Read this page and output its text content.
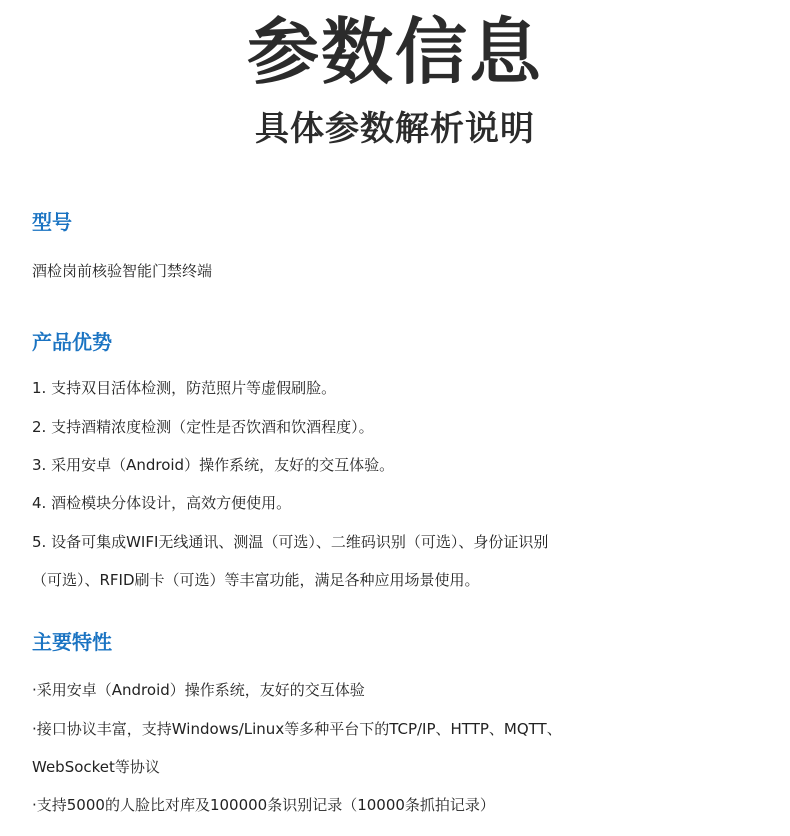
参数信息
具体参数解析说明
型号
酒检岗前核验智能门禁终端
产品优势
1. 支持双目活体检测，防范照片等虚假刷脸。
2. 支持酒精浓度检测（定性是否饮酒和饮酒程度）。
3. 采用安卓（Android）操作系统，友好的交互体验。
4. 酒检模块分体设计，高效方便使用。
5. 设备可集成WIFI无线通讯、测温（可选）、二维码识别（可选）、身份证识别
（可选）、RFID刷卡（可选）等丰富功能，满足各种应用场景使用。
主要特性
·采用安卓（Android）操作系统，友好的交互体验
·接口协议丰富，支持Windows/Linux等多种平台下的TCP/IP、HTTP、MQTT、
WebSocket等协议
·支持5000的人脸比对库及100000条识别记录（10000条抓拍记录）
